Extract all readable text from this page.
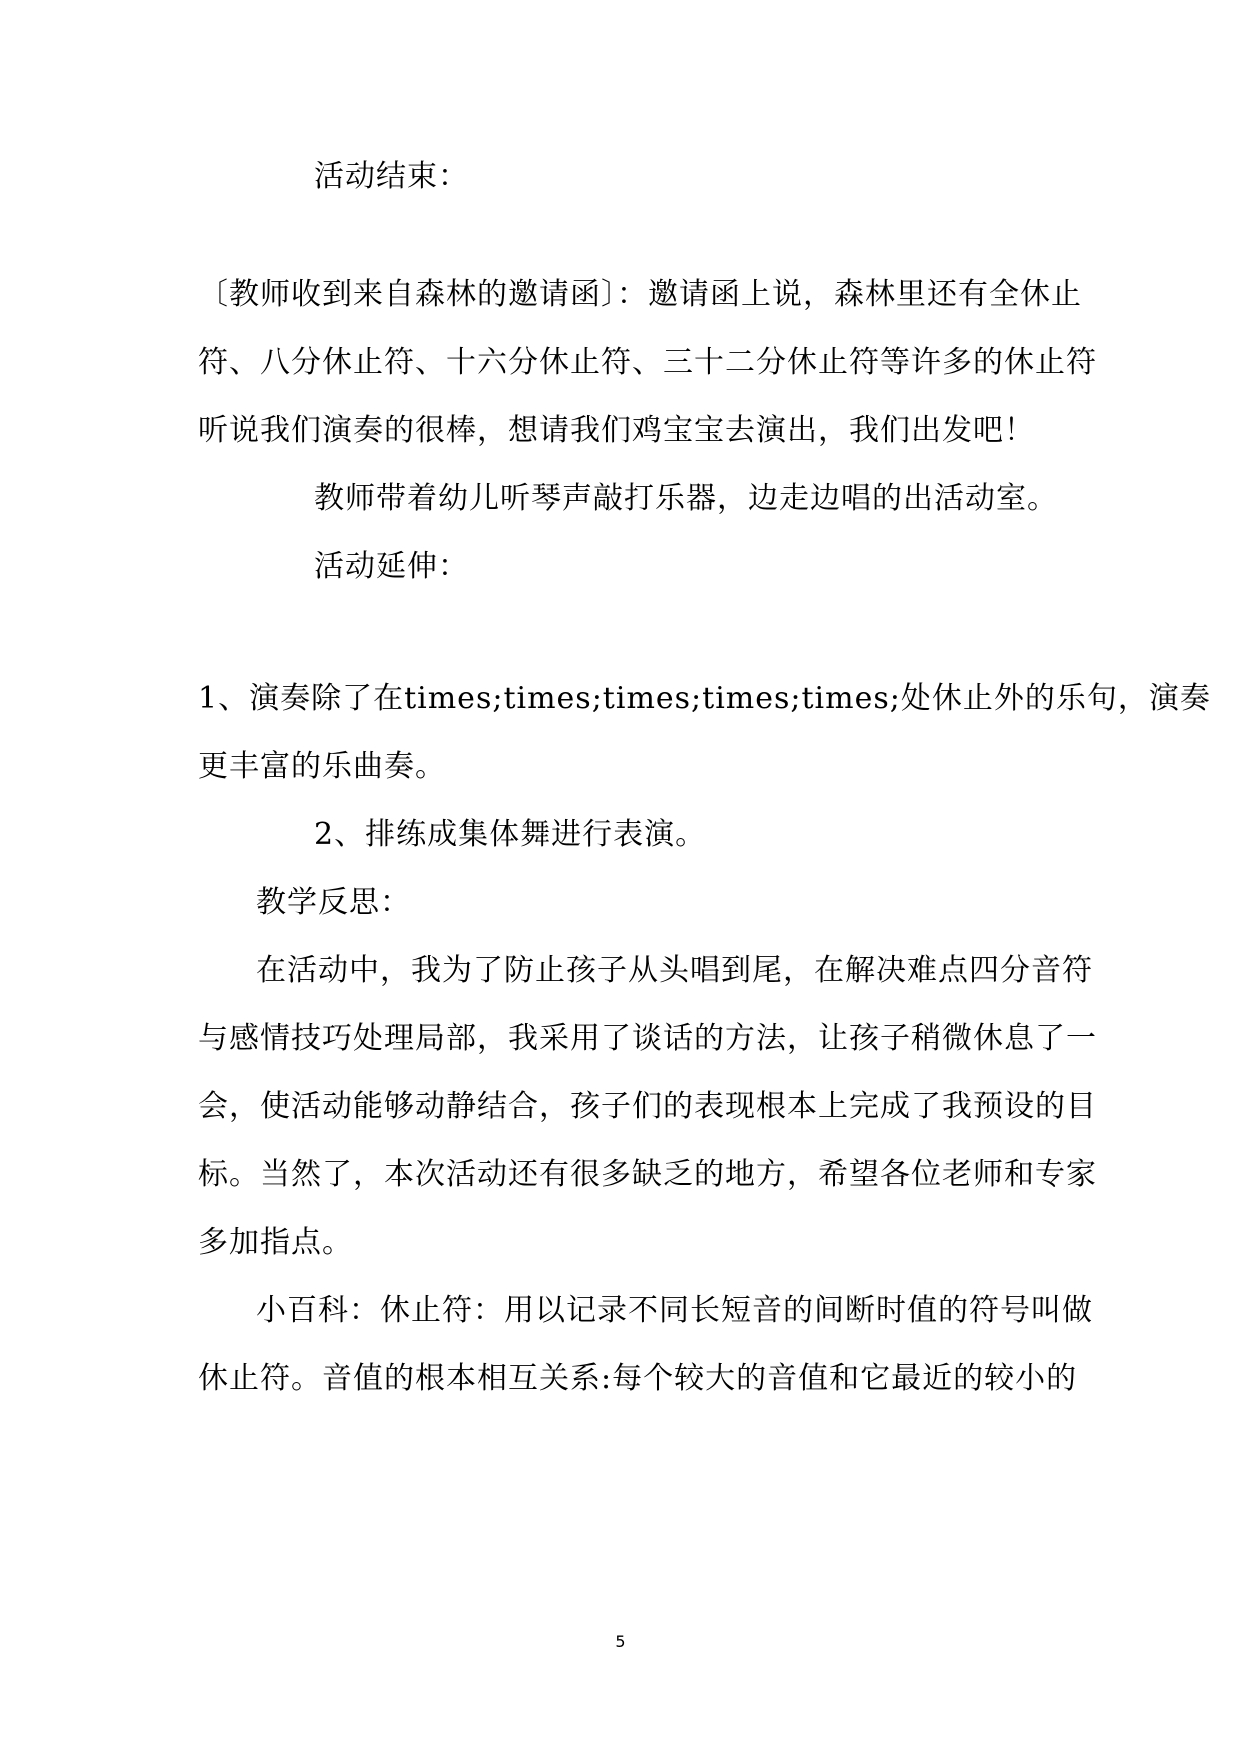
活动结束：
〔教师收到来自森林的邀请函〕：邀请函上说，森林里还有全休止
符、八分休止符、十六分休止符、三十二分休止符等许多的休止符
听说我们演奏的很棒，想请我们鸡宝宝去演出，我们出发吧！
教师带着幼儿听琴声敲打乐器，边走边唱的出活动室。
活动延伸：
1、演奏除了在times;times;times;times;times;处休止外的乐句，演奏
更丰富的乐曲奏。
2、排练成集体舞进行表演。
教学反思：
在活动中，我为了防止孩子从头唱到尾，在解决难点四分音符
与感情技巧处理局部，我采用了谈话的方法，让孩子稍微休息了一
会，使活动能够动静结合，孩子们的表现根本上完成了我预设的目
标。当然了，本次活动还有很多缺乏的地方，希望各位老师和专家
多加指点。
小百科：休止符：用以记录不同长短音的间断时值的符号叫做
休止符。音值的根本相互关系:每个较大的音值和它最近的较小的
5
